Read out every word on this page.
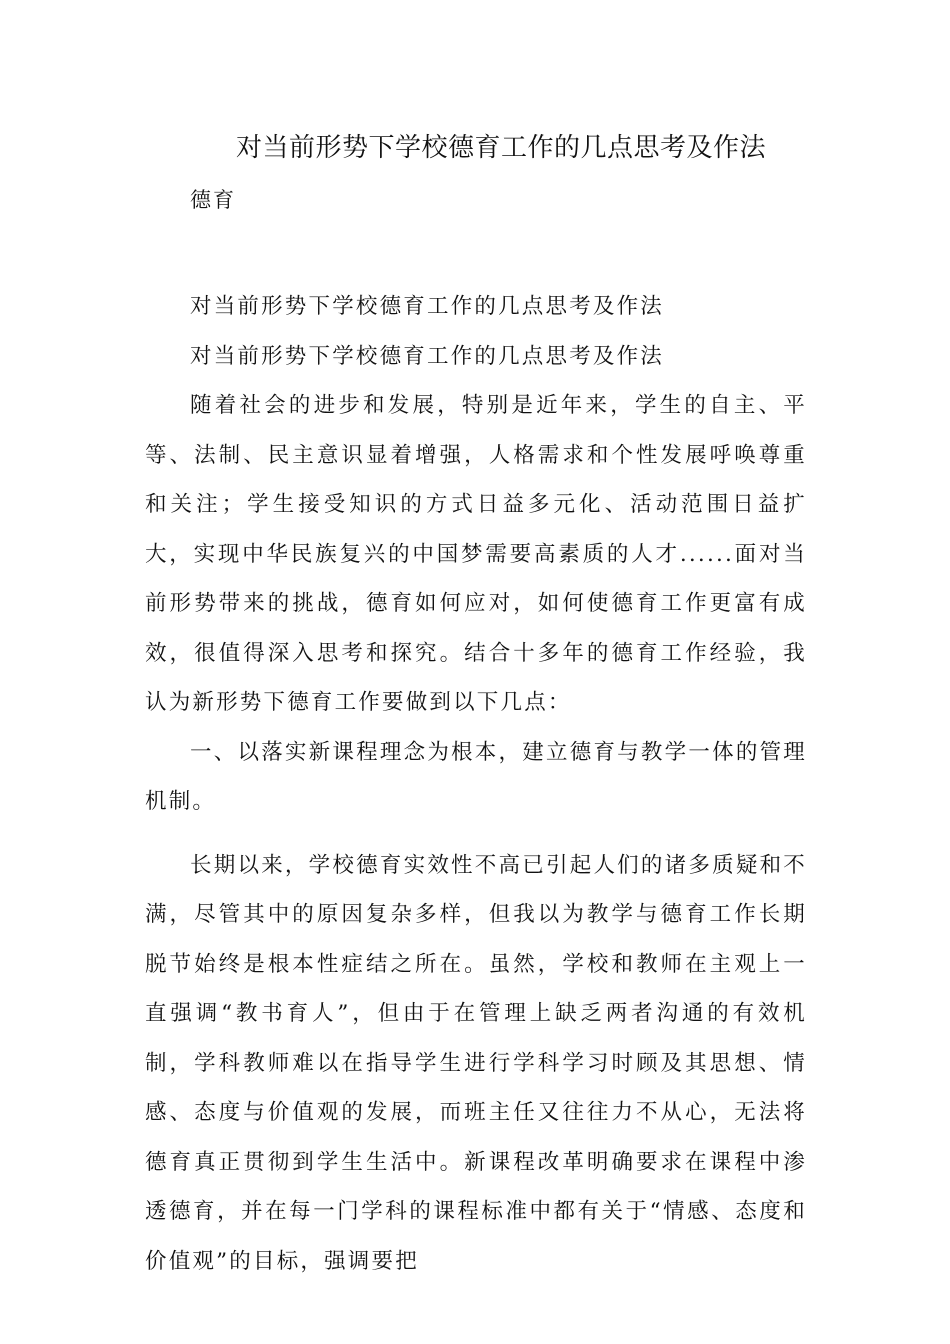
对当前形势下学校德育工作的几点思考及作法
德育

对当前形势下学校德育工作的几点思考及作法

对当前形势下学校德育工作的几点思考及作法

随着社会的进步和发展，特别是近年来，学生的自主、平等、法制、民主意识显着增强，人格需求和个性发展呼唤尊重和关注；学生接受知识的方式日益多元化、活动范围日益扩大，实现中华民族复兴的中国梦需要高素质的人才......面对当前形势带来的挑战，德育如何应对，如何使德育工作更富有成效，很值得深入思考和探究。结合十多年的德育工作经验，我认为新形势下德育工作要做到以下几点：

一、以落实新课程理念为根本，建立德育与教学一体的管理机制。

长期以来，学校德育实效性不高已引起人们的诸多质疑和不满，尽管其中的原因复杂多样，但我以为教学与德育工作长期脱节始终是根本性症结之所在。虽然，学校和教师在主观上一直强调“教书育人”，但由于在管理上缺乏两者沟通的有效机制，学科教师难以在指导学生进行学科学习时顾及其思想、情感、态度与价值观的发展，而班主任又往往力不从心，无法将德育真正贯彻到学生生活中。新课程改革明确要求在课程中渗透德育，并在每一门学科的课程标准中都有关于“情感、态度和价值观”的目标，强调要把
